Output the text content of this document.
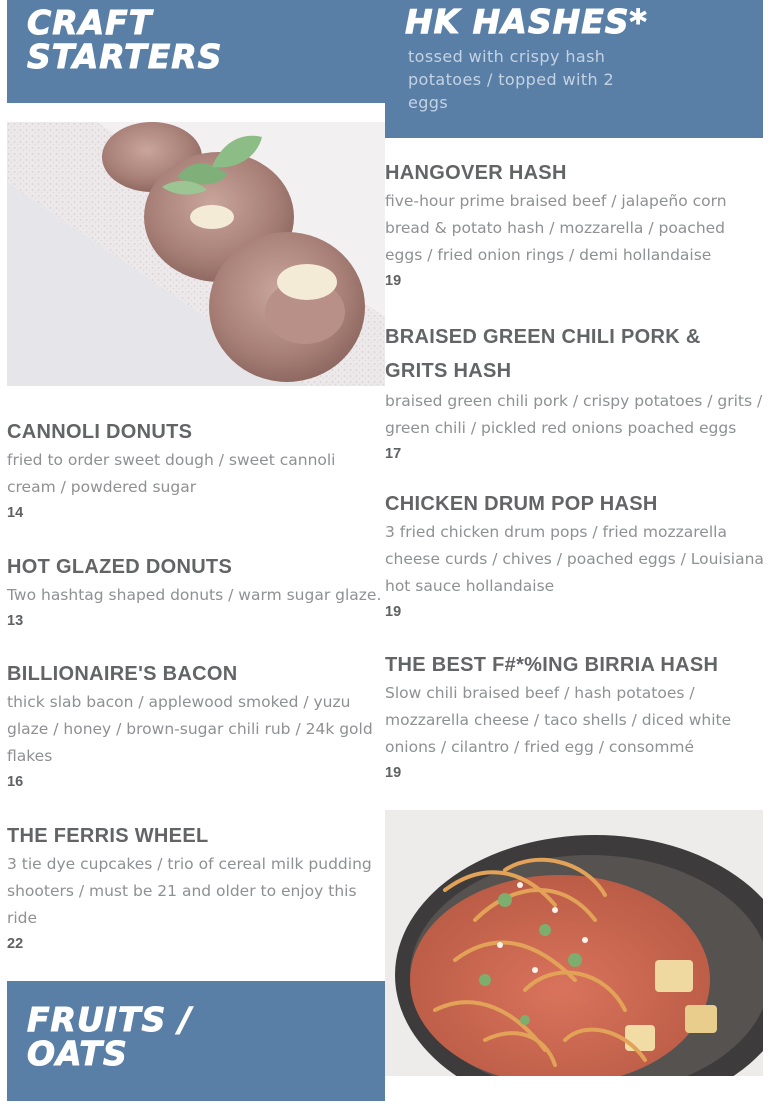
CRAFT
STARTERS
HK HASHES*
tossed with crispy hash potatoes / topped with 2 eggs
CANNOLI DONUTS
fried to order sweet dough / sweet cannoli cream / powdered sugar
14
HOT GLAZED DONUTS
Two hashtag shaped donuts / warm sugar glaze.
13
BILLIONAIRE'S BACON
thick slab bacon / applewood smoked / yuzu glaze / honey / brown-sugar chili rub / 24k gold flakes
16
THE FERRIS WHEEL
3 tie dye cupcakes / trio of cereal milk pudding shooters / must be 21 and older to enjoy this ride
22
HANGOVER HASH
five-hour prime braised beef / jalapeño corn bread & potato hash / mozzarella / poached eggs / fried onion rings / demi hollandaise
19
BRAISED GREEN CHILI PORK & GRITS HASH
braised green chili pork / crispy potatoes / grits / green chili / pickled red onions poached eggs
17
CHICKEN DRUM POP HASH
3 fried chicken drum pops / fried mozzarella cheese curds / chives / poached eggs / Louisiana hot sauce hollandaise
19
THE BEST F#*%ING BIRRIA HASH
Slow chili braised beef / hash potatoes / mozzarella cheese / taco shells / diced white onions / cilantro / fried egg / consommé
19
FRUITS /
OATS
